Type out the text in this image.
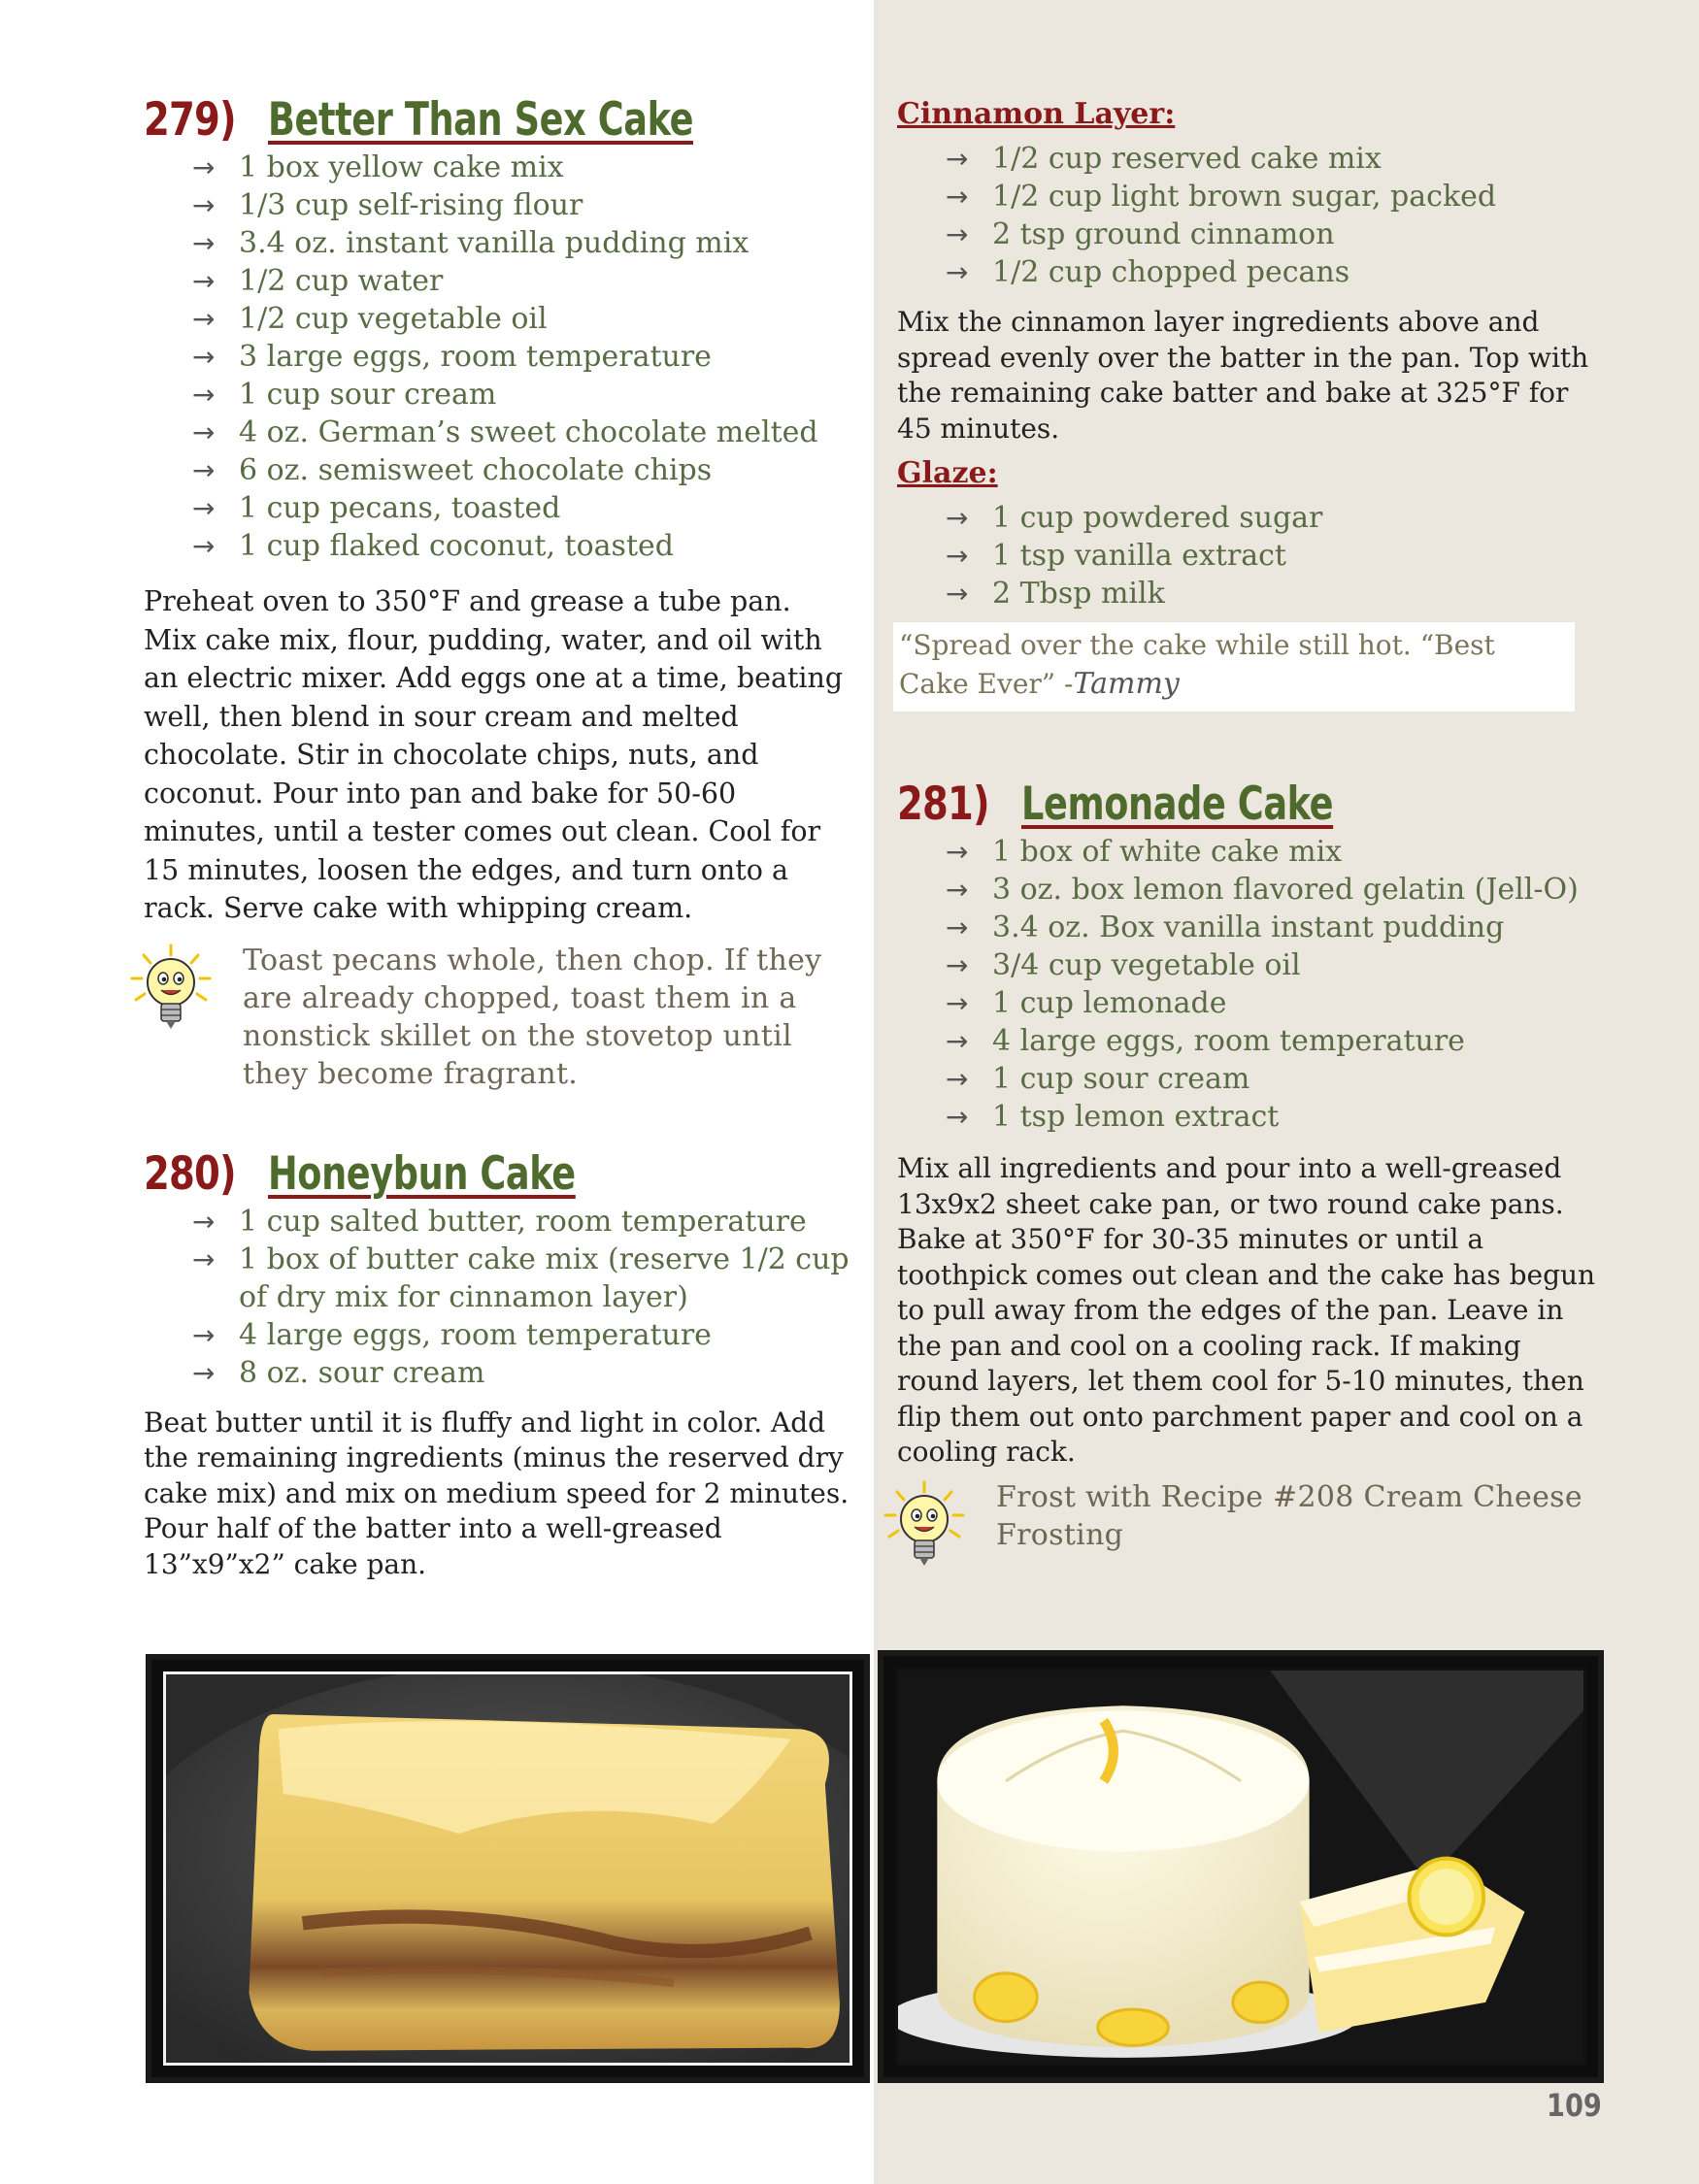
279) Better Than Sex Cake
→ 1 box yellow cake mix
→ 1/3 cup self-rising flour
→ 3.4 oz. instant vanilla pudding mix
→ 1/2 cup water
→ 1/2 cup vegetable oil
→ 3 large eggs, room temperature
→ 1 cup sour cream
→ 4 oz. German’s sweet chocolate melted
→ 6 oz. semisweet chocolate chips
→ 1 cup pecans, toasted
→ 1 cup flaked coconut, toasted

Preheat oven to 350°F and grease a tube pan. Mix cake mix, flour, pudding, water, and oil with an electric mixer. Add eggs one at a time, beating well, then blend in sour cream and melted chocolate. Stir in chocolate chips, nuts, and coconut. Pour into pan and bake for 50-60 minutes, until a tester comes out clean. Cool for 15 minutes, loosen the edges, and turn onto a rack. Serve cake with whipping cream.

Toast pecans whole, then chop. If they are already chopped, toast them in a nonstick skillet on the stovetop until they become fragrant.
280) Honeybun Cake
→ 1 cup salted butter, room temperature
→ 1 box of butter cake mix (reserve 1/2 cup of dry mix for cinnamon layer)
→ 4 large eggs, room temperature
→ 8 oz. sour cream

Beat butter until it is fluffy and light in color. Add the remaining ingredients (minus the reserved dry cake mix) and mix on medium speed for 2 minutes. Pour half of the batter into a well-greased 13”x9”x2” cake pan.

Cinnamon Layer:
→ 1/2 cup reserved cake mix
→ 1/2 cup light brown sugar, packed
→ 2 tsp ground cinnamon
→ 1/2 cup chopped pecans

Mix the cinnamon layer ingredients above and spread evenly over the batter in the pan. Top with the remaining cake batter and bake at 325°F for 45 minutes.

Glaze:
→ 1 cup powdered sugar
→ 1 tsp vanilla extract
→ 2 Tbsp milk
“Spread over the cake while still hot. “Best Cake Ever” -Tammy
281) Lemonade Cake
→ 1 box of white cake mix
→ 3 oz. box lemon flavored gelatin (Jell-O)
→ 3.4 oz. Box vanilla instant pudding
→ 3/4 cup vegetable oil
→ 1 cup lemonade
→ 4 large eggs, room temperature
→ 1 cup sour cream
→ 1 tsp lemon extract

Mix all ingredients and pour into a well-greased 13x9x2 sheet cake pan, or two round cake pans. Bake at 350°F for 30-35 minutes or until a toothpick comes out clean and the cake has begun to pull away from the edges of the pan. Leave in the pan and cool on a cooling rack. If making round layers, let them cool for 5-10 minutes, then flip them out onto parchment paper and cool on a cooling rack.

Frost with Recipe #208 Cream Cheese Frosting
109
